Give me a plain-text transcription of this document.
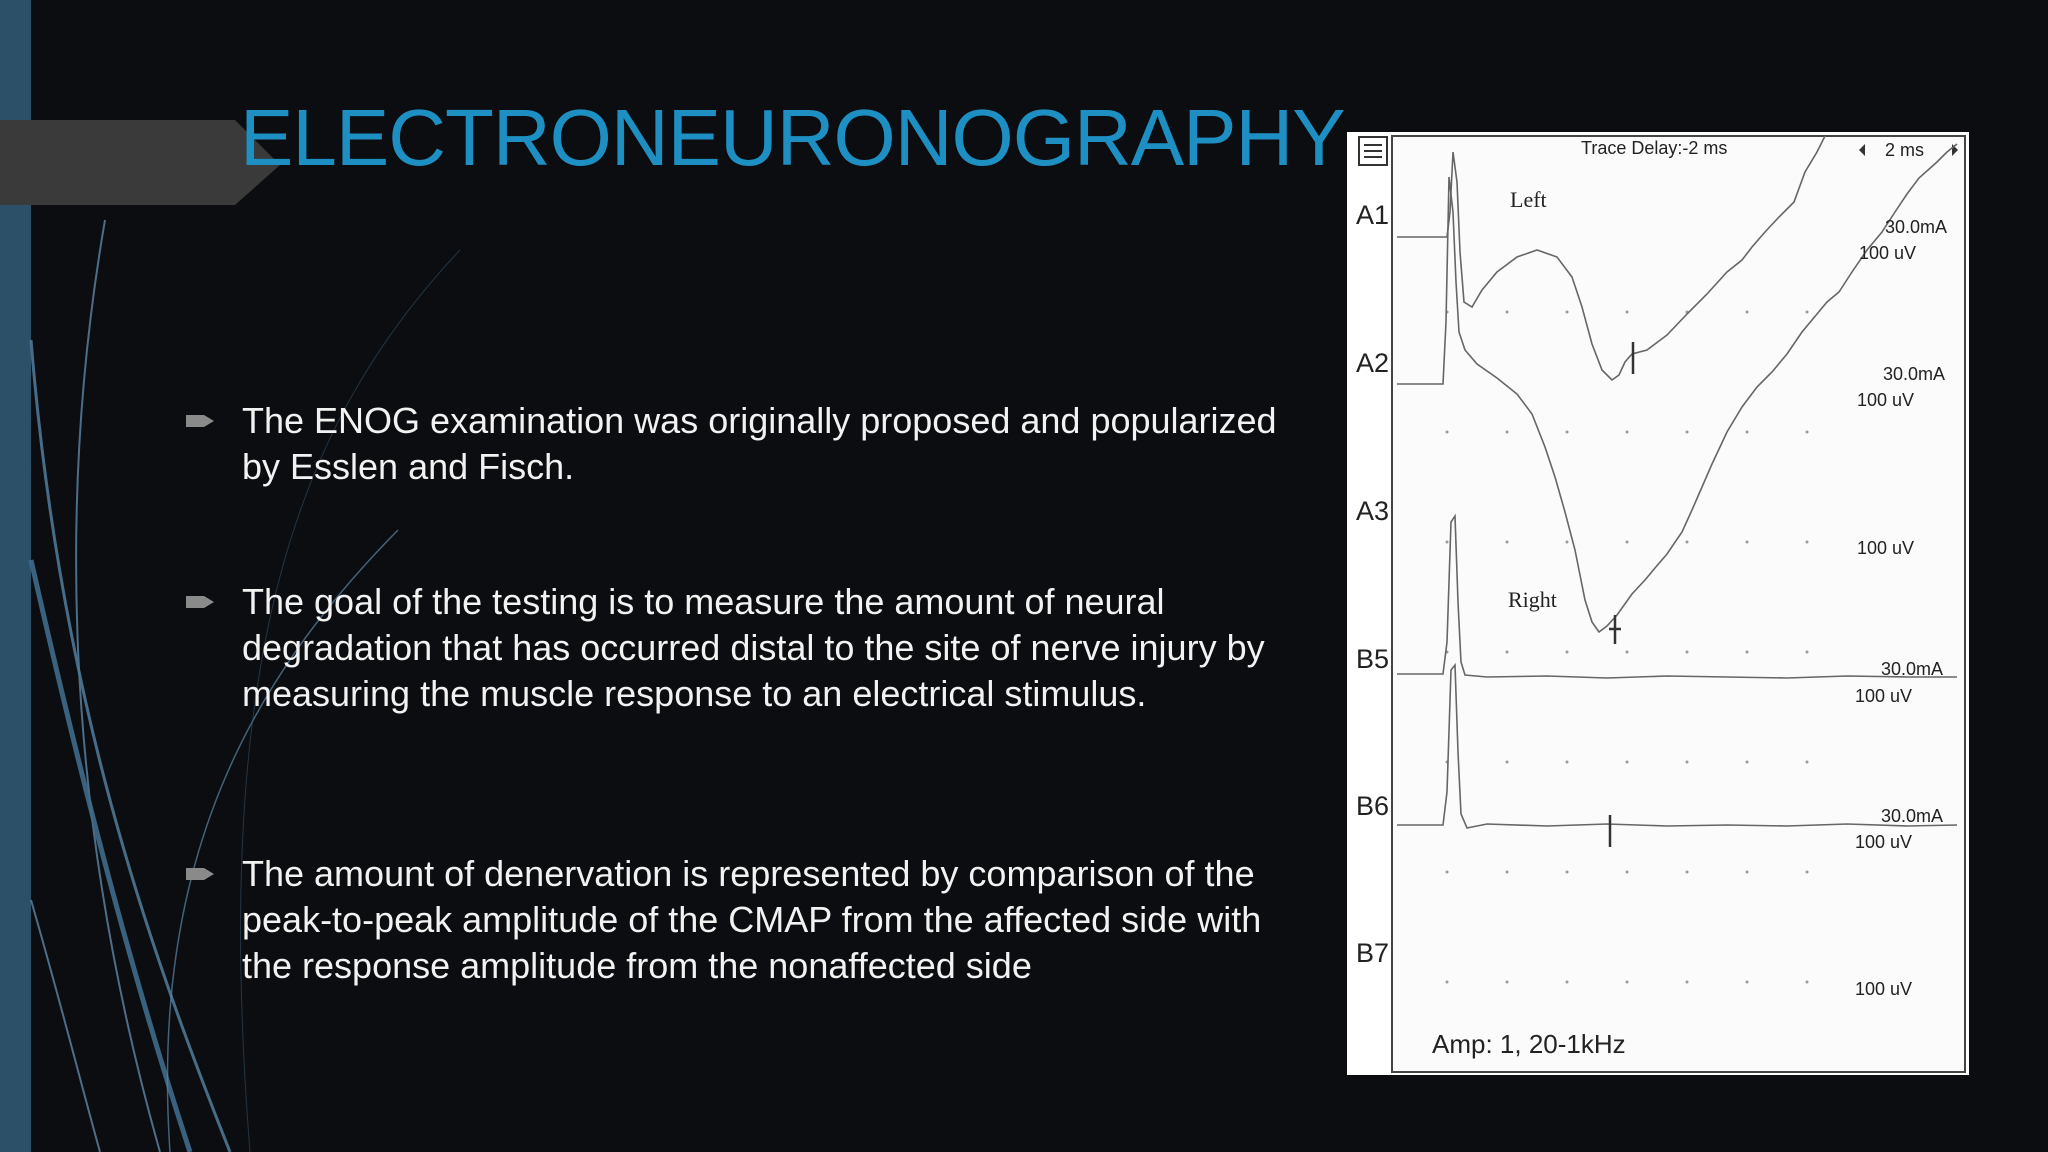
ELECTRONEURONOGRAPHY
The ENOG examination was originally proposed and popularized by Esslen and Fisch.
The goal of the testing is to measure the amount of neural degradation that has occurred distal to the site of nerve injury by measuring the muscle response to an electrical stimulus.
The amount of denervation is represented by comparison of the peak-to-peak amplitude of the CMAP from the affected side with the response amplitude from the nonaffected side
Trace Delay:-2 ms	2 ms
A1
A2
A3
B5
B6
B7
Left
Right
30.0mA
100 uV
30.0mA
100 uV
100 uV
30.0mA
100 uV
30.0mA
100 uV
100 uV
Amp: 1, 20-1kHz
